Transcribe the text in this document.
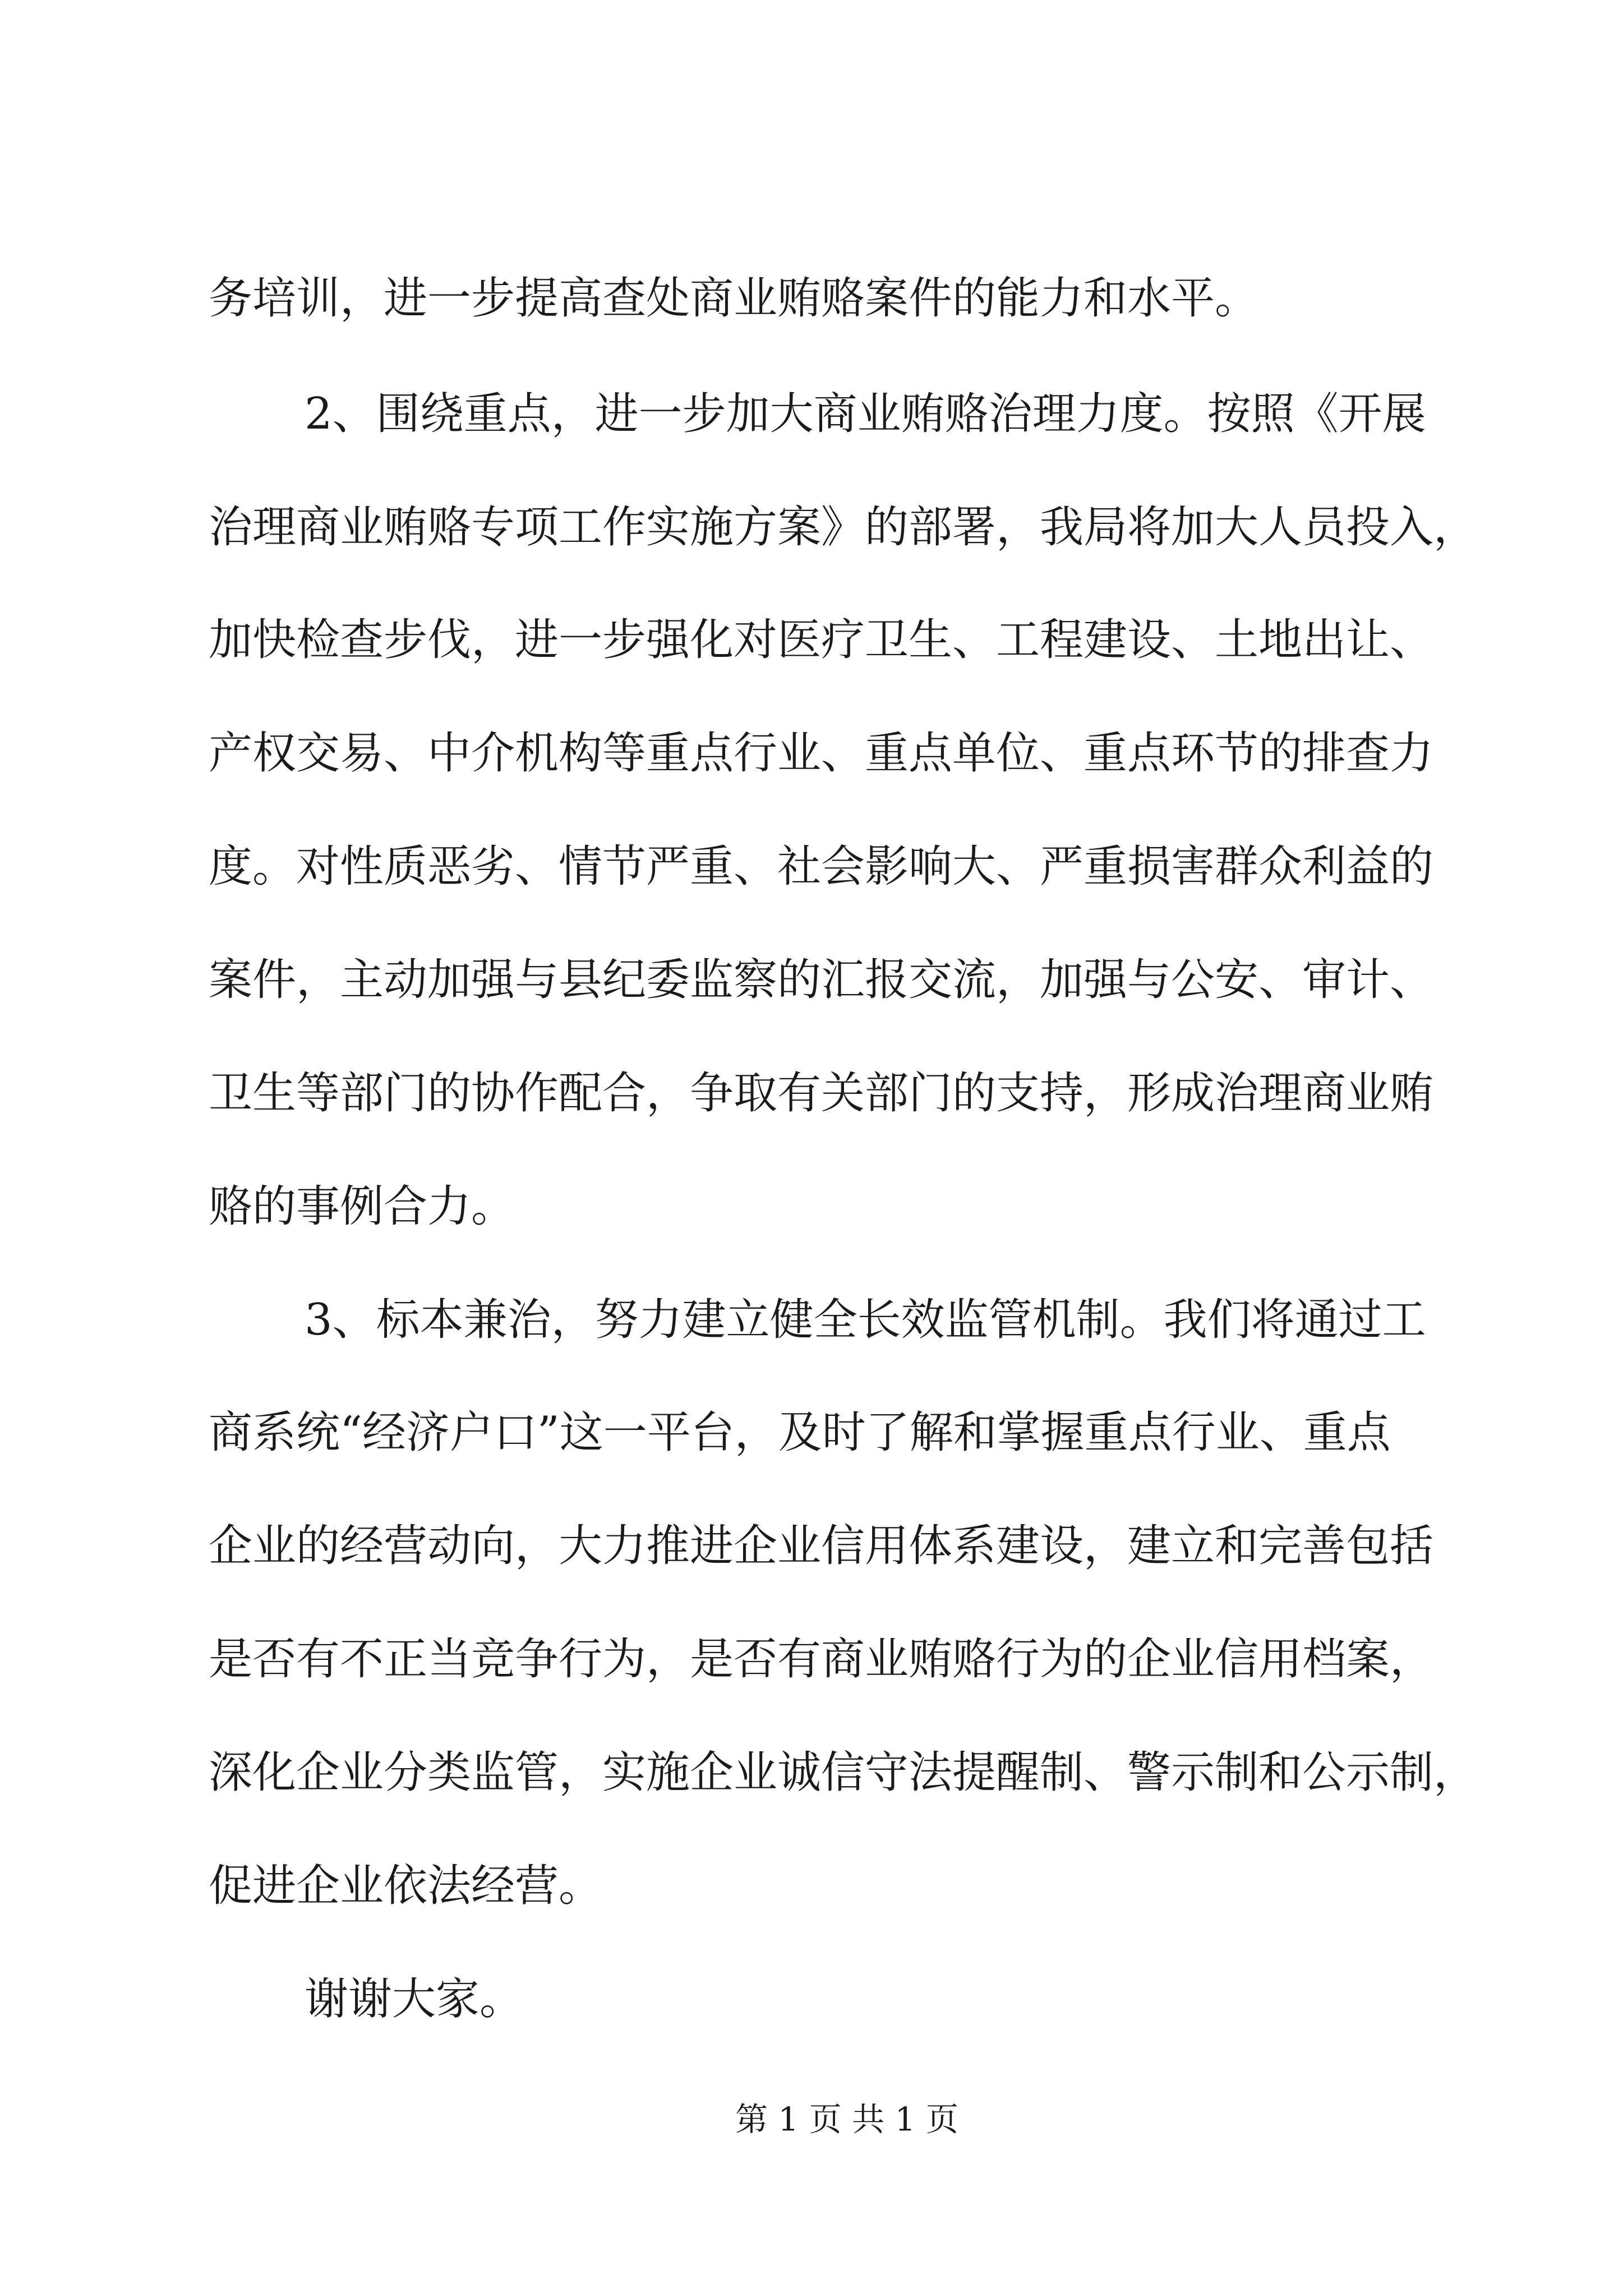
务培训，进一步提高查处商业贿赂案件的能力和水平。
2、围绕重点，进一步加大商业贿赂治理力度。按照《开展
治理商业贿赂专项工作实施方案》的部署，我局将加大人员投入，
加快检查步伐，进一步强化对医疗卫生、工程建设、土地出让、
产权交易、中介机构等重点行业、重点单位、重点环节的排查力
度。对性质恶劣、情节严重、社会影响大、严重损害群众利益的
案件，主动加强与县纪委监察的汇报交流，加强与公安、审计、
卫生等部门的协作配合，争取有关部门的支持，形成治理商业贿
赂的事例合力。
3、标本兼治，努力建立健全长效监管机制。我们将通过工
商系统“经济户口”这一平台，及时了解和掌握重点行业、重点
企业的经营动向，大力推进企业信用体系建设，建立和完善包括
是否有不正当竞争行为，是否有商业贿赂行为的企业信用档案，
深化企业分类监管，实施企业诚信守法提醒制、警示制和公示制，
促进企业依法经营。
谢谢大家。
第 1 页 共 1 页
